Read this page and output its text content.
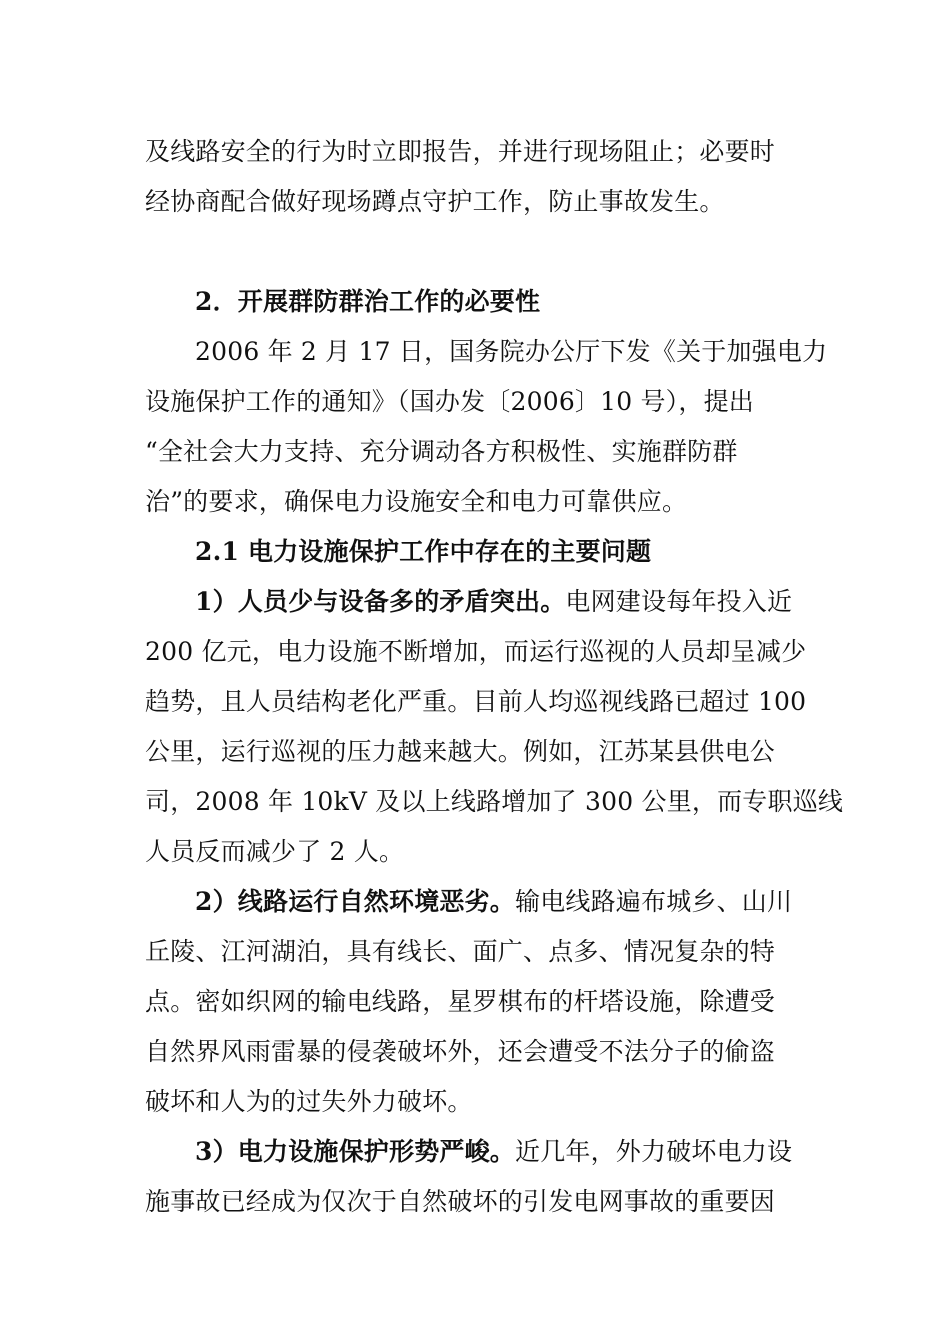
及线路安全的行为时立即报告，并进行现场阻止；必要时
经协商配合做好现场蹲点守护工作，防止事故发生。
2．开展群防群治工作的必要性
2006 年 2 月 17 日，国务院办公厅下发《关于加强电力
设施保护工作的通知》（国办发〔2006〕10 号），提出
“全社会大力支持、充分调动各方积极性、实施群防群
治”的要求，确保电力设施安全和电力可靠供应。
2.1 电力设施保护工作中存在的主要问题
1）人员少与设备多的矛盾突出。电网建设每年投入近
200 亿元，电力设施不断增加，而运行巡视的人员却呈减少
趋势，且人员结构老化严重。目前人均巡视线路已超过 100
公里，运行巡视的压力越来越大。例如，江苏某县供电公
司，2008 年 10kV 及以上线路增加了 300 公里，而专职巡线
人员反而减少了 2 人。
2）线路运行自然环境恶劣。输电线路遍布城乡、山川
丘陵、江河湖泊，具有线长、面广、点多、情况复杂的特
点。密如织网的输电线路，星罗棋布的杆塔设施，除遭受
自然界风雨雷暴的侵袭破坏外，还会遭受不法分子的偷盗
破坏和人为的过失外力破坏。
3）电力设施保护形势严峻。近几年，外力破坏电力设
施事故已经成为仅次于自然破坏的引发电网事故的重要因
